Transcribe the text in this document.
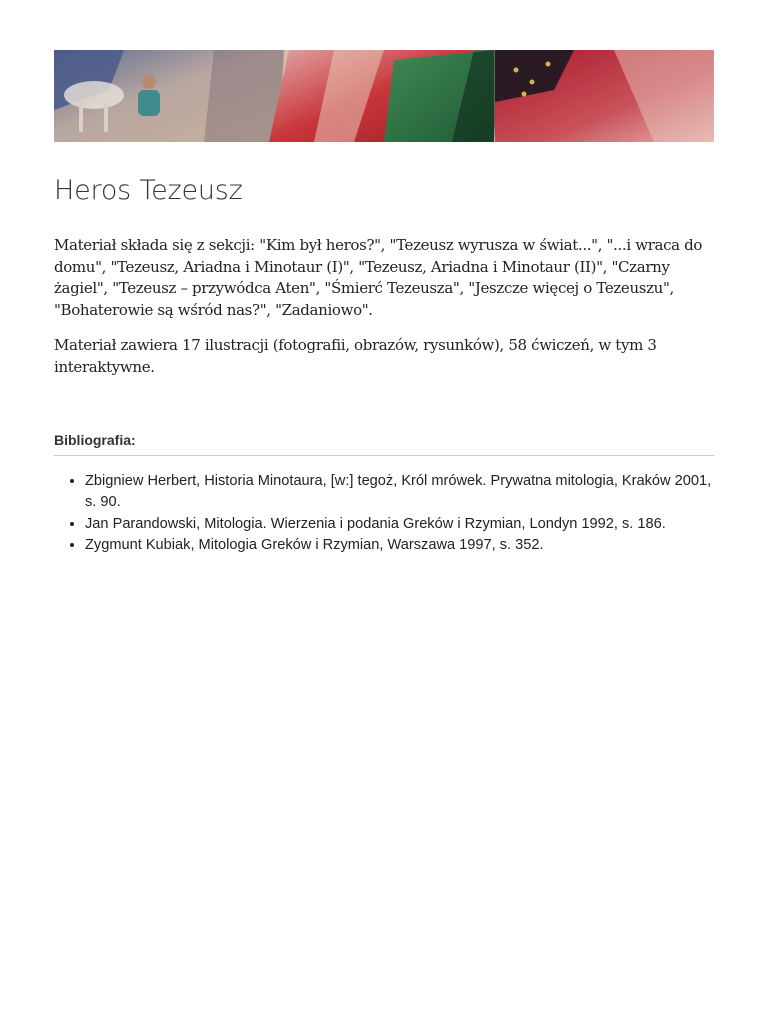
Heros Tezeusz

Materiał składa się z sekcji: "Kim był heros?", "Tezeusz wyrusza w świat...", "...i wraca do domu", "Tezeusz, Ariadna i Minotaur (I)", "Tezeusz, Ariadna i Minotaur (II)", "Czarny żagiel", "Tezeusz – przywódca Aten", "Śmierć Tezeusza", "Jeszcze więcej o Tezeuszu", "Bohaterowie są wśród nas?", "Zadaniowo".

Materiał zawiera 17 ilustracji (fotografii, obrazów, rysunków), 58 ćwiczeń, w tym 3 interaktywne.

Bibliografia:
• Zbigniew Herbert, Historia Minotaura, [w:] tegoż, Król mrówek. Prywatna mitologia, Kraków 2001, s. 90.
• Jan Parandowski, Mitologia. Wierzenia i podania Greków i Rzymian, Londyn 1992, s. 186.
• Zygmunt Kubiak, Mitologia Greków i Rzymian, Warszawa 1997, s. 352.
